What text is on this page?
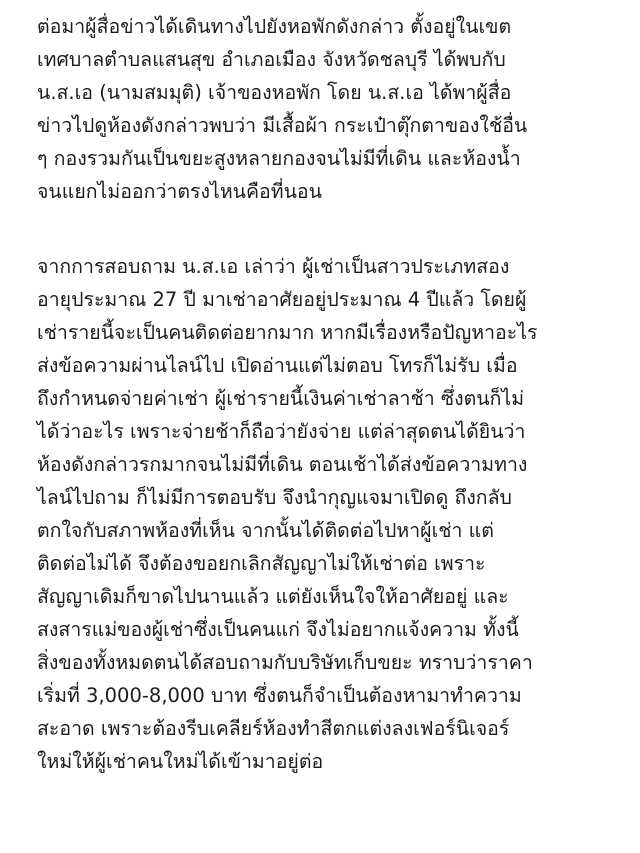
ต่อมาผู้สื่อข่าวได้เดินทางไปยังหอพักดังกล่าว ตั้งอยู่ในเขต
เทศบาลตำบลแสนสุข อำเภอเมือง จังหวัดชลบุรี ได้พบกับ
น.ส.เอ (นามสมมุติ) เจ้าของหอพัก โดย น.ส.เอ ได้พาผู้สื่อ
ข่าวไปดูห้องดังกล่าวพบว่า มีเสื้อผ้า กระเป๋าตุ๊กตาของใช้อื่น
ๆ กองรวมกันเป็นขยะสูงหลายกองจนไม่มีที่เดิน และห้องน้ำ
จนแยกไม่ออกว่าตรงไหนคือที่นอน
จากการสอบถาม น.ส.เอ เล่าว่า ผู้เช่าเป็นสาวประเภทสอง
อายุประมาณ 27 ปี มาเช่าอาศัยอยู่ประมาณ 4 ปีแล้ว โดยผู้
เช่ารายนี้จะเป็นคนติดต่อยากมาก หากมีเรื่องหรือปัญหาอะไร
ส่งข้อความผ่านไลน์ไป เปิดอ่านแต่ไม่ตอบ โทรก็ไม่รับ เมื่อ
ถึงกำหนดจ่ายค่าเช่า ผู้เช่ารายนี้เงินค่าเช่าลาช้า ซึ่งตนก็ไม่
ได้ว่าอะไร เพราะจ่ายช้าก็ถือว่ายังจ่าย แต่ล่าสุดตนได้ยินว่า
ห้องดังกล่าวรกมากจนไม่มีที่เดิน ตอนเช้าได้ส่งข้อความทาง
ไลน์ไปถาม ก็ไม่มีการตอบรับ จึงนำกุญแจมาเปิดดู ถึงกลับ
ตกใจกับสภาพห้องที่เห็น จากนั้นได้ติดต่อไปหาผู้เช่า แต่
ติดต่อไม่ได้ จึงต้องขอยกเลิกสัญญาไม่ให้เช่าต่อ เพราะ
สัญญาเดิมก็ขาดไปนานแล้ว แต่ยังเห็นใจให้อาศัยอยู่ และ
สงสารแม่ของผู้เช่าซึ่งเป็นคนแก่ จึงไม่อยากแจ้งความ ทั้งนี้
สิ่งของทั้งหมดตนได้สอบถามกับบริษัทเก็บขยะ ทราบว่าราคา
เริ่มที่ 3,000-8,000 บาท ซึ่งตนก็จำเป็นต้องหามาทำความ
สะอาด เพราะต้องรีบเคลียร์ห้องทำสีตกแต่งลงเฟอร์นิเจอร์
ใหม่ให้ผู้เช่าคนใหม่ได้เข้ามาอยู่ต่อ
